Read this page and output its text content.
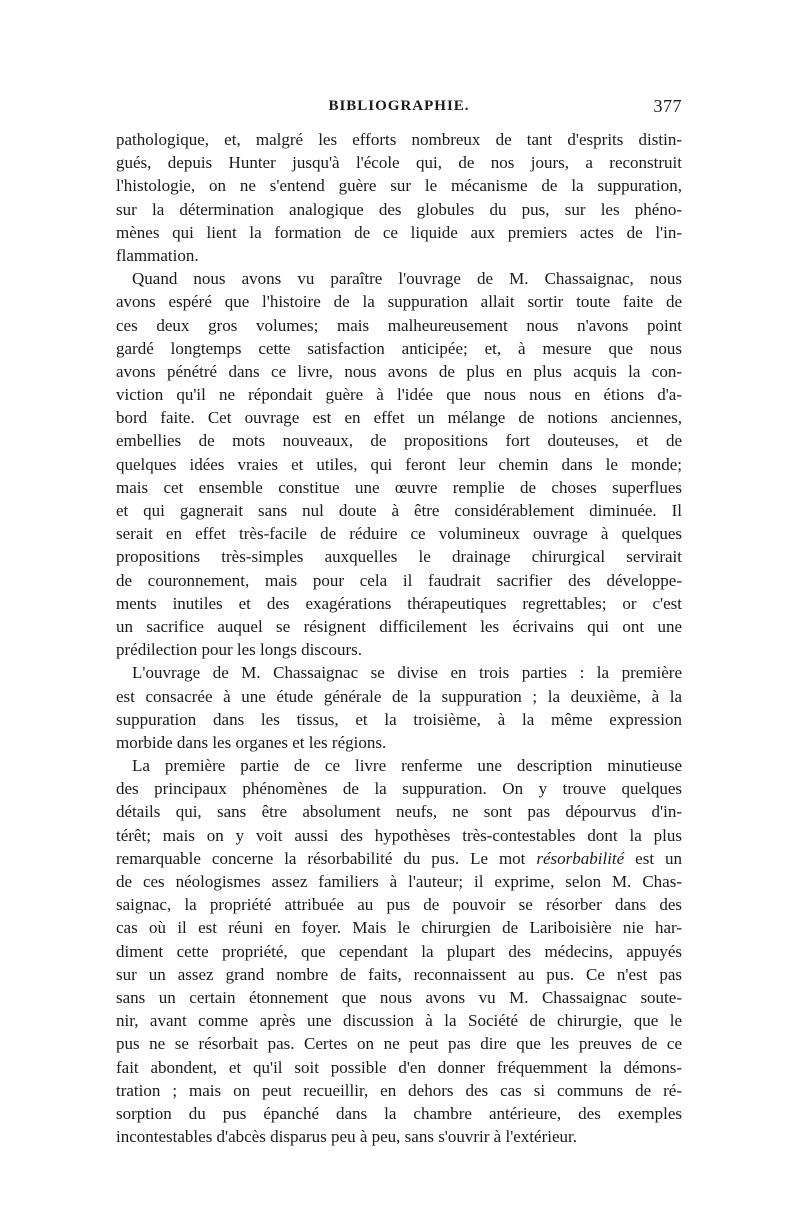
BIBLIOGRAPHIE.	377
pathologique, et, malgré les efforts nombreux de tant d'esprits distin-
gués, depuis Hunter jusqu'à l'école qui, de nos jours, a reconstruit
l'histologie, on ne s'entend guère sur le mécanisme de la suppuration,
sur la détermination analogique des globules du pus, sur les phéno-
mènes qui lient la formation de ce liquide aux premiers actes de l'in-
flammation.
Quand nous avons vu paraître l'ouvrage de M. Chassaignac, nous
avons espéré que l'histoire de la suppuration allait sortir toute faite de
ces deux gros volumes; mais malheureusement nous n'avons point
gardé longtemps cette satisfaction anticipée; et, à mesure que nous
avons pénétré dans ce livre, nous avons de plus en plus acquis la con-
viction qu'il ne répondait guère à l'idée que nous nous en étions d'a-
bord faite. Cet ouvrage est en effet un mélange de notions anciennes,
embellies de mots nouveaux, de propositions fort douteuses, et de
quelques idées vraies et utiles, qui feront leur chemin dans le monde;
mais cet ensemble constitue une œuvre remplie de choses superflues
et qui gagnerait sans nul doute à être considérablement diminuée. Il
serait en effet très-facile de réduire ce volumineux ouvrage à quelques
propositions très-simples auxquelles le drainage chirurgical servirait
de couronnement, mais pour cela il faudrait sacrifier des développe-
ments inutiles et des exagérations thérapeutiques regrettables; or c'est
un sacrifice auquel se résignent difficilement les écrivains qui ont une
prédilection pour les longs discours.
L'ouvrage de M. Chassaignac se divise en trois parties : la première
est consacrée à une étude générale de la suppuration ; la deuxième, à la
suppuration dans les tissus, et la troisième, à la même expression
morbide dans les organes et les régions.
La première partie de ce livre renferme une description minutieuse
des principaux phénomènes de la suppuration. On y trouve quelques
détails qui, sans être absolument neufs, ne sont pas dépourvus d'in-
térêt; mais on y voit aussi des hypothèses très-contestables dont la plus
remarquable concerne la résorbabilité du pus. Le mot résorbabilité est un
de ces néologismes assez familiers à l'auteur; il exprime, selon M. Chas-
saignac, la propriété attribuée au pus de pouvoir se résorber dans des
cas où il est réuni en foyer. Mais le chirurgien de Lariboisière nie har-
diment cette propriété, que cependant la plupart des médecins, appuyés
sur un assez grand nombre de faits, reconnaissent au pus. Ce n'est pas
sans un certain étonnement que nous avons vu M. Chassaignac soute-
nir, avant comme après une discussion à la Société de chirurgie, que le
pus ne se résorbait pas. Certes on ne peut pas dire que les preuves de ce
fait abondent, et qu'il soit possible d'en donner fréquemment la démons-
tration ; mais on peut recueillir, en dehors des cas si communs de ré-
sorption du pus épanché dans la chambre antérieure, des exemples
incontestables d'abcès disparus peu à peu, sans s'ouvrir à l'extérieur.
